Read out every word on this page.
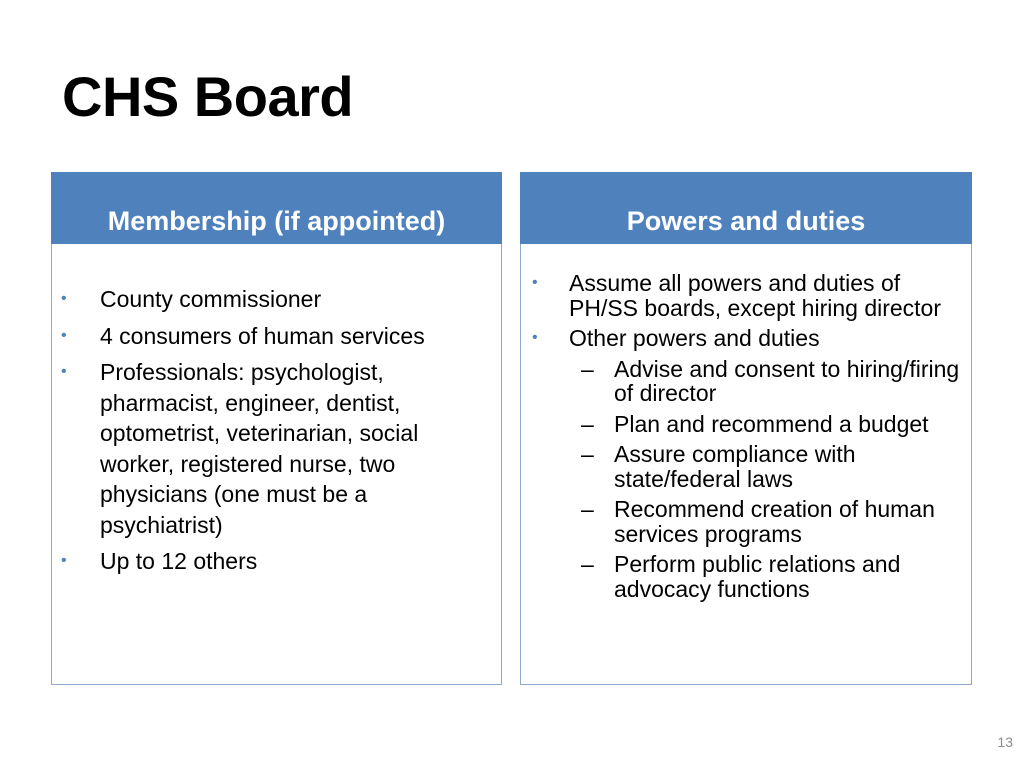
CHS Board
Membership (if appointed)
• County commissioner
• 4 consumers of human services
• Professionals: psychologist, pharmacist, engineer, dentist, optometrist, veterinarian, social worker, registered nurse, two physicians (one must be a psychiatrist)
• Up to 12 others
Powers and duties
• Assume all powers and duties of PH/SS boards, except hiring director
• Other powers and duties
– Advise and consent to hiring/firing of director
– Plan and recommend a budget
– Assure compliance with state/federal laws
– Recommend creation of human services programs
– Perform public relations and advocacy functions
13
